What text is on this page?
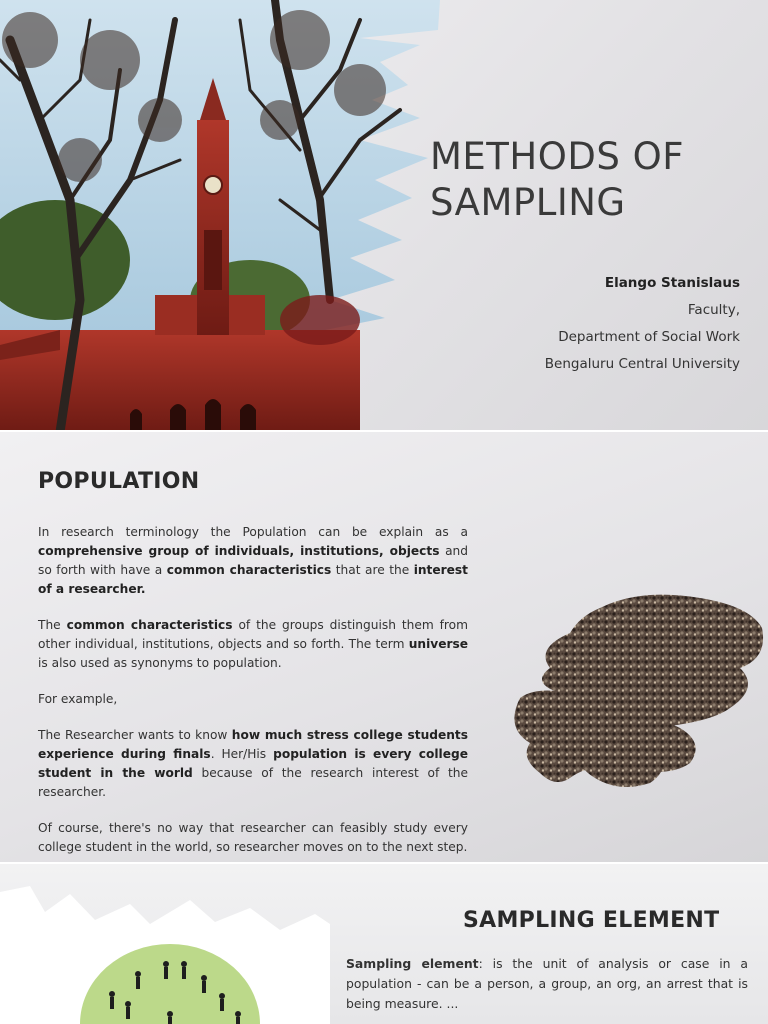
METHODS OF
SAMPLING
Elango Stanislaus
Faculty,
Department of Social Work
Bengaluru Central University
POPULATION

In research terminology the Population can be explain as a comprehensive group of individuals, institutions, objects and so forth with have a common characteristics that are the interest of a researcher.

The common characteristics of the groups distinguish them from other individual, institutions, objects and so forth. The term universe is also used as synonyms to population.

For example,

The Researcher wants to know how much stress college students experience during finals. Her/His population is every college student in the world because of the research interest of the researcher.

Of course, there's no way that researcher can feasibly study every college student in the world, so researcher moves on to the next step.

SAMPLING ELEMENT
Sampling element: is the unit of analysis or case in a population - can be a person, a group, an org, an arrest that is being measure. ...
